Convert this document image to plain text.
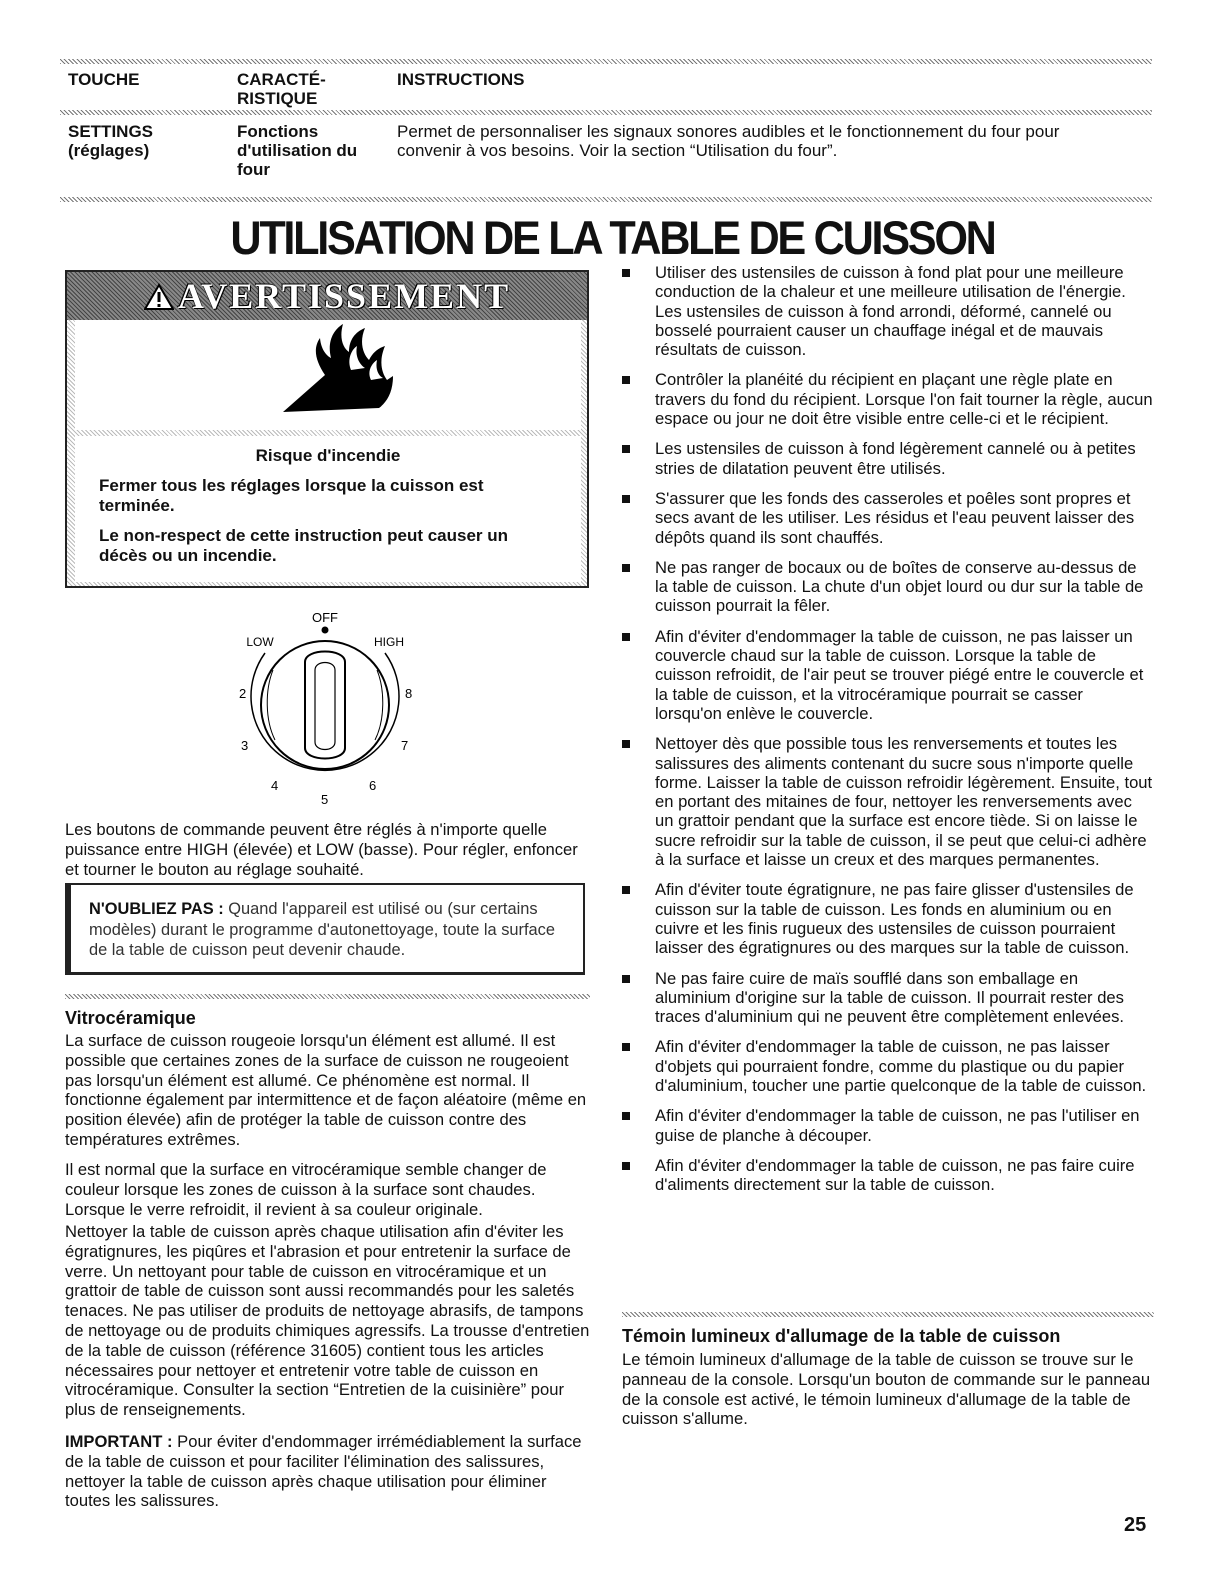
TOUCHE	CARACTÉ-
RISTIQUE
INSTRUCTIONS
SETTINGS
(réglages)
Fonctions
d'utilisation du
four
Permet de personnaliser les signaux sonores audibles et le fonctionnement du four pour
convenir à vos besoins. Voir la section “Utilisation du four”.
UTILISATION DE LA TABLE DE CUISSON
AVERTISSEMENT
Risque d'incendie

Fermer tous les réglages lorsque la cuisson est terminée.

Le non-respect de cette instruction peut causer un décès ou un incendie.

OFF
LOW	HIGH
2
3
4
5
6
7
8

Les boutons de commande peuvent être réglés à n'importe quelle puissance entre HIGH (élevée) et LOW (basse). Pour régler, enfoncer et tourner le bouton au réglage souhaité.

N'OUBLIEZ PAS : Quand l'appareil est utilisé ou (sur certains modèles) durant le programme d'autonettoyage, toute la surface de la table de cuisson peut devenir chaude.

Vitrocéramique

La surface de cuisson rougeoie lorsqu'un élément est allumé. Il est possible que certaines zones de la surface de cuisson ne rougeoient pas lorsqu'un élément est allumé. Ce phénomène est normal. Il fonctionne également par intermittence et de façon aléatoire (même en position élevée) afin de protéger la table de cuisson contre des températures extrêmes.

Il est normal que la surface en vitrocéramique semble changer de couleur lorsque les zones de cuisson à la surface sont chaudes. Lorsque le verre refroidit, il revient à sa couleur originale.

Nettoyer la table de cuisson après chaque utilisation afin d'éviter les égratignures, les piqûres et l'abrasion et pour entretenir la surface de verre. Un nettoyant pour table de cuisson en vitrocéramique et un grattoir de table de cuisson sont aussi recommandés pour les saletés tenaces. Ne pas utiliser de produits de nettoyage abrasifs, de tampons de nettoyage ou de produits chimiques agressifs. La trousse d'entretien de la table de cuisson (référence 31605) contient tous les articles nécessaires pour nettoyer et entretenir votre table de cuisson en vitrocéramique. Consulter la section “Entretien de la cuisinière” pour plus de renseignements.

IMPORTANT : Pour éviter d'endommager irrémédiablement la surface de la table de cuisson et pour faciliter l'élimination des salissures, nettoyer la table de cuisson après chaque utilisation pour éliminer toutes les salissures.

Utiliser des ustensiles de cuisson à fond plat pour une meilleure conduction de la chaleur et une meilleure utilisation de l'énergie. Les ustensiles de cuisson à fond arrondi, déformé, cannelé ou bosselé pourraient causer un chauffage inégal et de mauvais résultats de cuisson.
Contrôler la planéité du récipient en plaçant une règle plate en travers du fond du récipient. Lorsque l'on fait tourner la règle, aucun espace ou jour ne doit être visible entre celle-ci et le récipient.
Les ustensiles de cuisson à fond légèrement cannelé ou à petites stries de dilatation peuvent être utilisés.
S'assurer que les fonds des casseroles et poêles sont propres et secs avant de les utiliser. Les résidus et l'eau peuvent laisser des dépôts quand ils sont chauffés.
Ne pas ranger de bocaux ou de boîtes de conserve au-dessus de la table de cuisson. La chute d'un objet lourd ou dur sur la table de cuisson pourrait la fêler.
Afin d'éviter d'endommager la table de cuisson, ne pas laisser un couvercle chaud sur la table de cuisson. Lorsque la table de cuisson refroidit, de l'air peut se trouver piégé entre le couvercle et la table de cuisson, et la vitrocéramique pourrait se casser lorsqu'on enlève le couvercle.
Nettoyer dès que possible tous les renversements et toutes les salissures des aliments contenant du sucre sous n'importe quelle forme. Laisser la table de cuisson refroidir légèrement. Ensuite, tout en portant des mitaines de four, nettoyer les renversements avec un grattoir pendant que la surface est encore tiède. Si on laisse le sucre refroidir sur la table de cuisson, il se peut que celui-ci adhère à la surface et laisse un creux et des marques permanentes.
Afin d'éviter toute égratignure, ne pas faire glisser d'ustensiles de cuisson sur la table de cuisson. Les fonds en aluminium ou en cuivre et les finis rugueux des ustensiles de cuisson pourraient laisser des égratignures ou des marques sur la table de cuisson.
Ne pas faire cuire de maïs soufflé dans son emballage en aluminium d'origine sur la table de cuisson. Il pourrait rester des traces d'aluminium qui ne peuvent être complètement enlevées.
Afin d'éviter d'endommager la table de cuisson, ne pas laisser d'objets qui pourraient fondre, comme du plastique ou du papier d'aluminium, toucher une partie quelconque de la table de cuisson.
Afin d'éviter d'endommager la table de cuisson, ne pas l'utiliser en guise de planche à découper.
Afin d'éviter d'endommager la table de cuisson, ne pas faire cuire d'aliments directement sur la table de cuisson.
Témoin lumineux d'allumage de la table de cuisson

Le témoin lumineux d'allumage de la table de cuisson se trouve sur le panneau de la console. Lorsqu'un bouton de commande sur le panneau de la console est activé, le témoin lumineux d'allumage de la table de cuisson s'allume.

25
